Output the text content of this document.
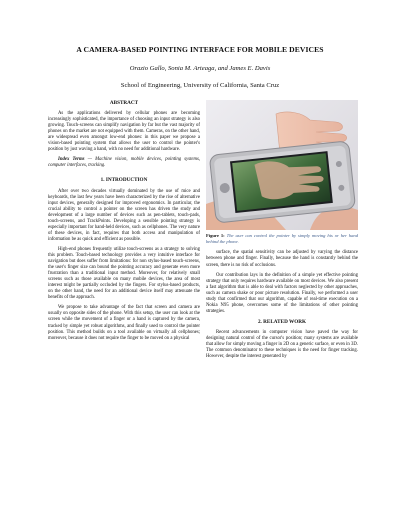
A CAMERA-BASED POINTING INTERFACE FOR MOBILE DEVICES
Orazio Gallo, Sonia M. Arteaga, and James E. Davis
School of Engineering, University of California, Santa Cruz
ABSTRACT

As the applications delivered by cellular phones are becoming increasingly sophisticated, the importance of choosing an input strategy is also growing. Touch-screens can simplify navigation by far but the vast majority of phones on the market are not equipped with them. Cameras, on the other hand, are widespread even amongst low-end phones: in this paper we propose a vision-based pointing system that allows the user to control the pointer's position by just waving a hand, with no need for additional hardware.

Index Terms — Machine vision, mobile devices, pointing systems, computer interfaces, tracking.
1. INTRODUCTION

After over two decades virtually dominated by the use of mice and keyboards, the last few years have been characterized by the rise of alternative input devices, generally designed for improved ergonomics. In particular, the crucial ability to control a pointer on the screen has driven the study and development of a large number of devices such as pen-tablets, touch-pads, touch-screens, and TrackPoints. Developing a sensible pointing strategy is especially important for hand-held devices, such as cellphones. The very nature of these devices, in fact, requires that both access and manipulation of information be as quick and efficient as possible.

High-end phones frequently utilize touch-screens as a strategy to solving this problem. Touch-based technology provides a very intuitive interface for navigation but does suffer from limitations: for non stylus-based touch-screens, the user's finger size can bound the pointing accuracy and generate even more frustration than a traditional input method. Moreover, for relatively small screens such as those available on many mobile devices, the area of most interest might be partially occluded by the fingers. For stylus-based products, on the other hand, the need for an additional device itself may attenuate the benefits of the approach.

We propose to take advantage of the fact that screen and camera are usually on opposite sides of the phone. With this setup, the user can look at the screen while the movement of a finger or a hand is captured by the camera, tracked by simple yet robust algorithms, and finally used to control the pointer position. This method builds on a tool available on virtually all cellphones; moreover, because it does not require the finger to be moved on a physical

Figure 1: The user can control the pointer by simply moving his or her hand behind the phone.

surface, the spatial sensitivity can be adjusted by varying the distance between phone and finger. Finally, because the hand is constantly behind the screen, there is no risk of occlusions.

Our contribution lays in the definition of a simple yet effective pointing strategy that only requires hardware available on most devices. We also present a fast algorithm that is able to deal with factors neglected by other approaches, such as camera shake or poor picture resolution. Finally, we performed a user study that confirmed that our algorithm, capable of real-time execution on a Nokia N95 phone, overcomes some of the limitations of other pointing strategies.

2. RELATED WORK

Recent advancements in computer vision have paved the way for designing natural control of the cursor's position; many systems are available that allow for simply moving a finger in 2D on a generic surface, or even in 3D. The common denominator to these techniques is the need for finger tracking. However, despite the interest generated by
